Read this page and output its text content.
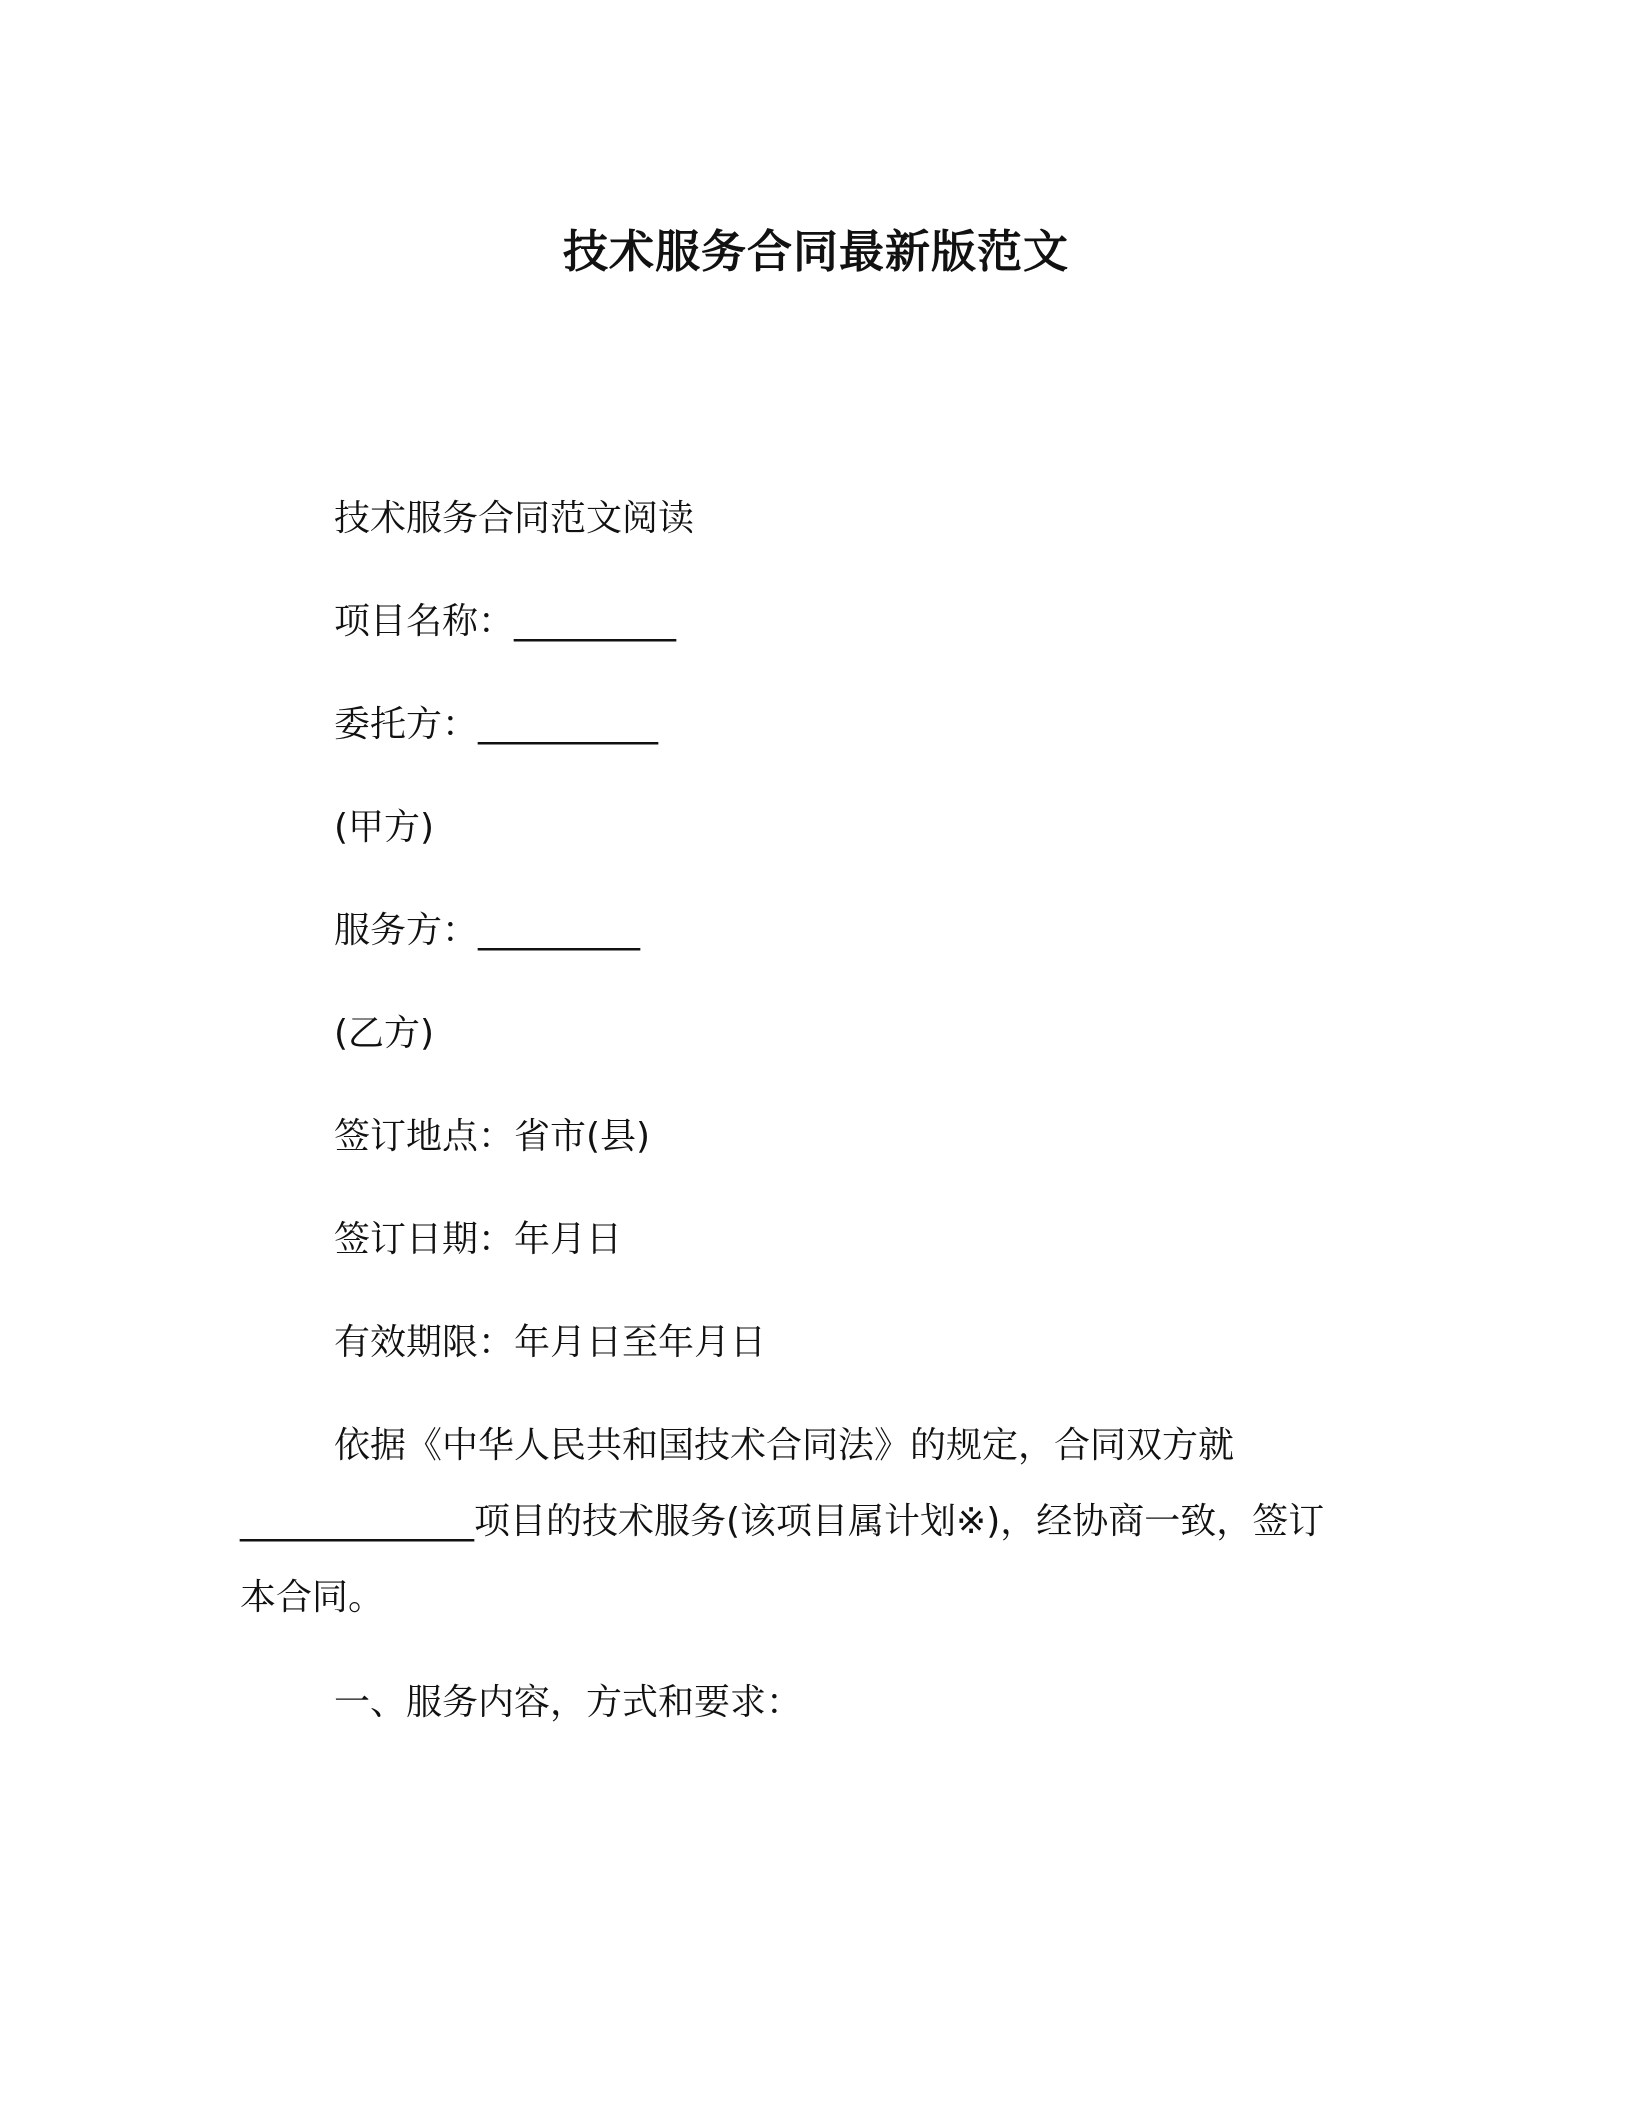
技术服务合同最新版范文
技术服务合同范文阅读
项目名称：_________
委托方：__________
(甲方)
服务方：_________
(乙方)
签订地点：省市(县)
签订日期：年月日
有效期限：年月日至年月日
依据《中华人民共和国技术合同法》的规定，合同双方就
_____________项目的技术服务(该项目属计划※)，经协商一致，签订
本合同。
一、服务内容，方式和要求：
